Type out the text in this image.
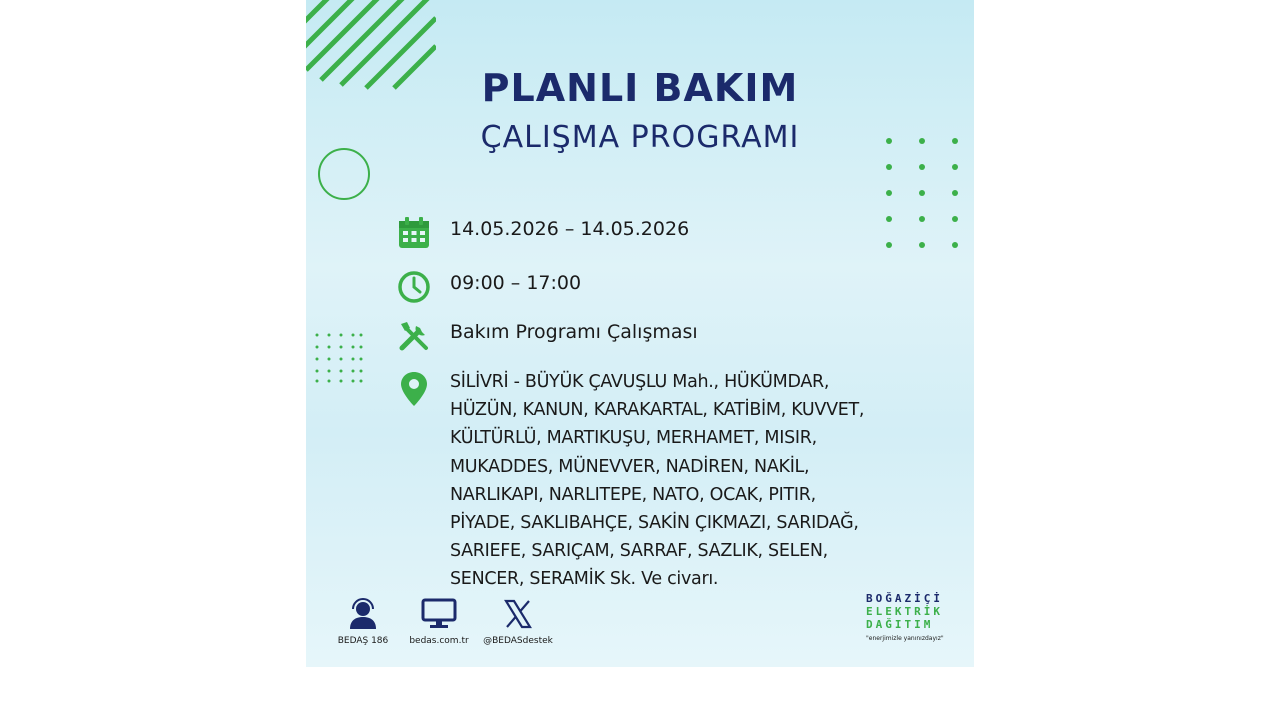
PLANLI BAKIM
ÇALIŞMA PROGRAMI
14.05.2026 – 14.05.2026
09:00 – 17:00
Bakım Programı Çalışması
SİLİVRİ - BÜYÜK ÇAVUŞLU Mah., HÜKÜMDAR,
HÜZÜN, KANUN, KARAKARTAL, KATİBİM, KUVVET,
KÜLTÜRLÜ, MARTIKUŞU, MERHAMET, MISIR,
MUKADDES, MÜNEVVER, NADİREN, NAKİL,
NARLIKAPI, NARLITEPE, NATO, OCAK, PITIR,
PİYADE, SAKLIBAHÇE, SAKİN ÇIKMAZI, SARIDAĞ,
SARIEFE, SARIÇAM, SARRAF, SAZLIK, SELEN,
SENCER, SERAMİK Sk. Ve civarı.
BEDAŞ 186	bedas.com.tr	@BEDASdestek
BOĞAZİÇİ
ELEKTRİK
DAĞITIM
"enerjimizle yanınızdayız"
